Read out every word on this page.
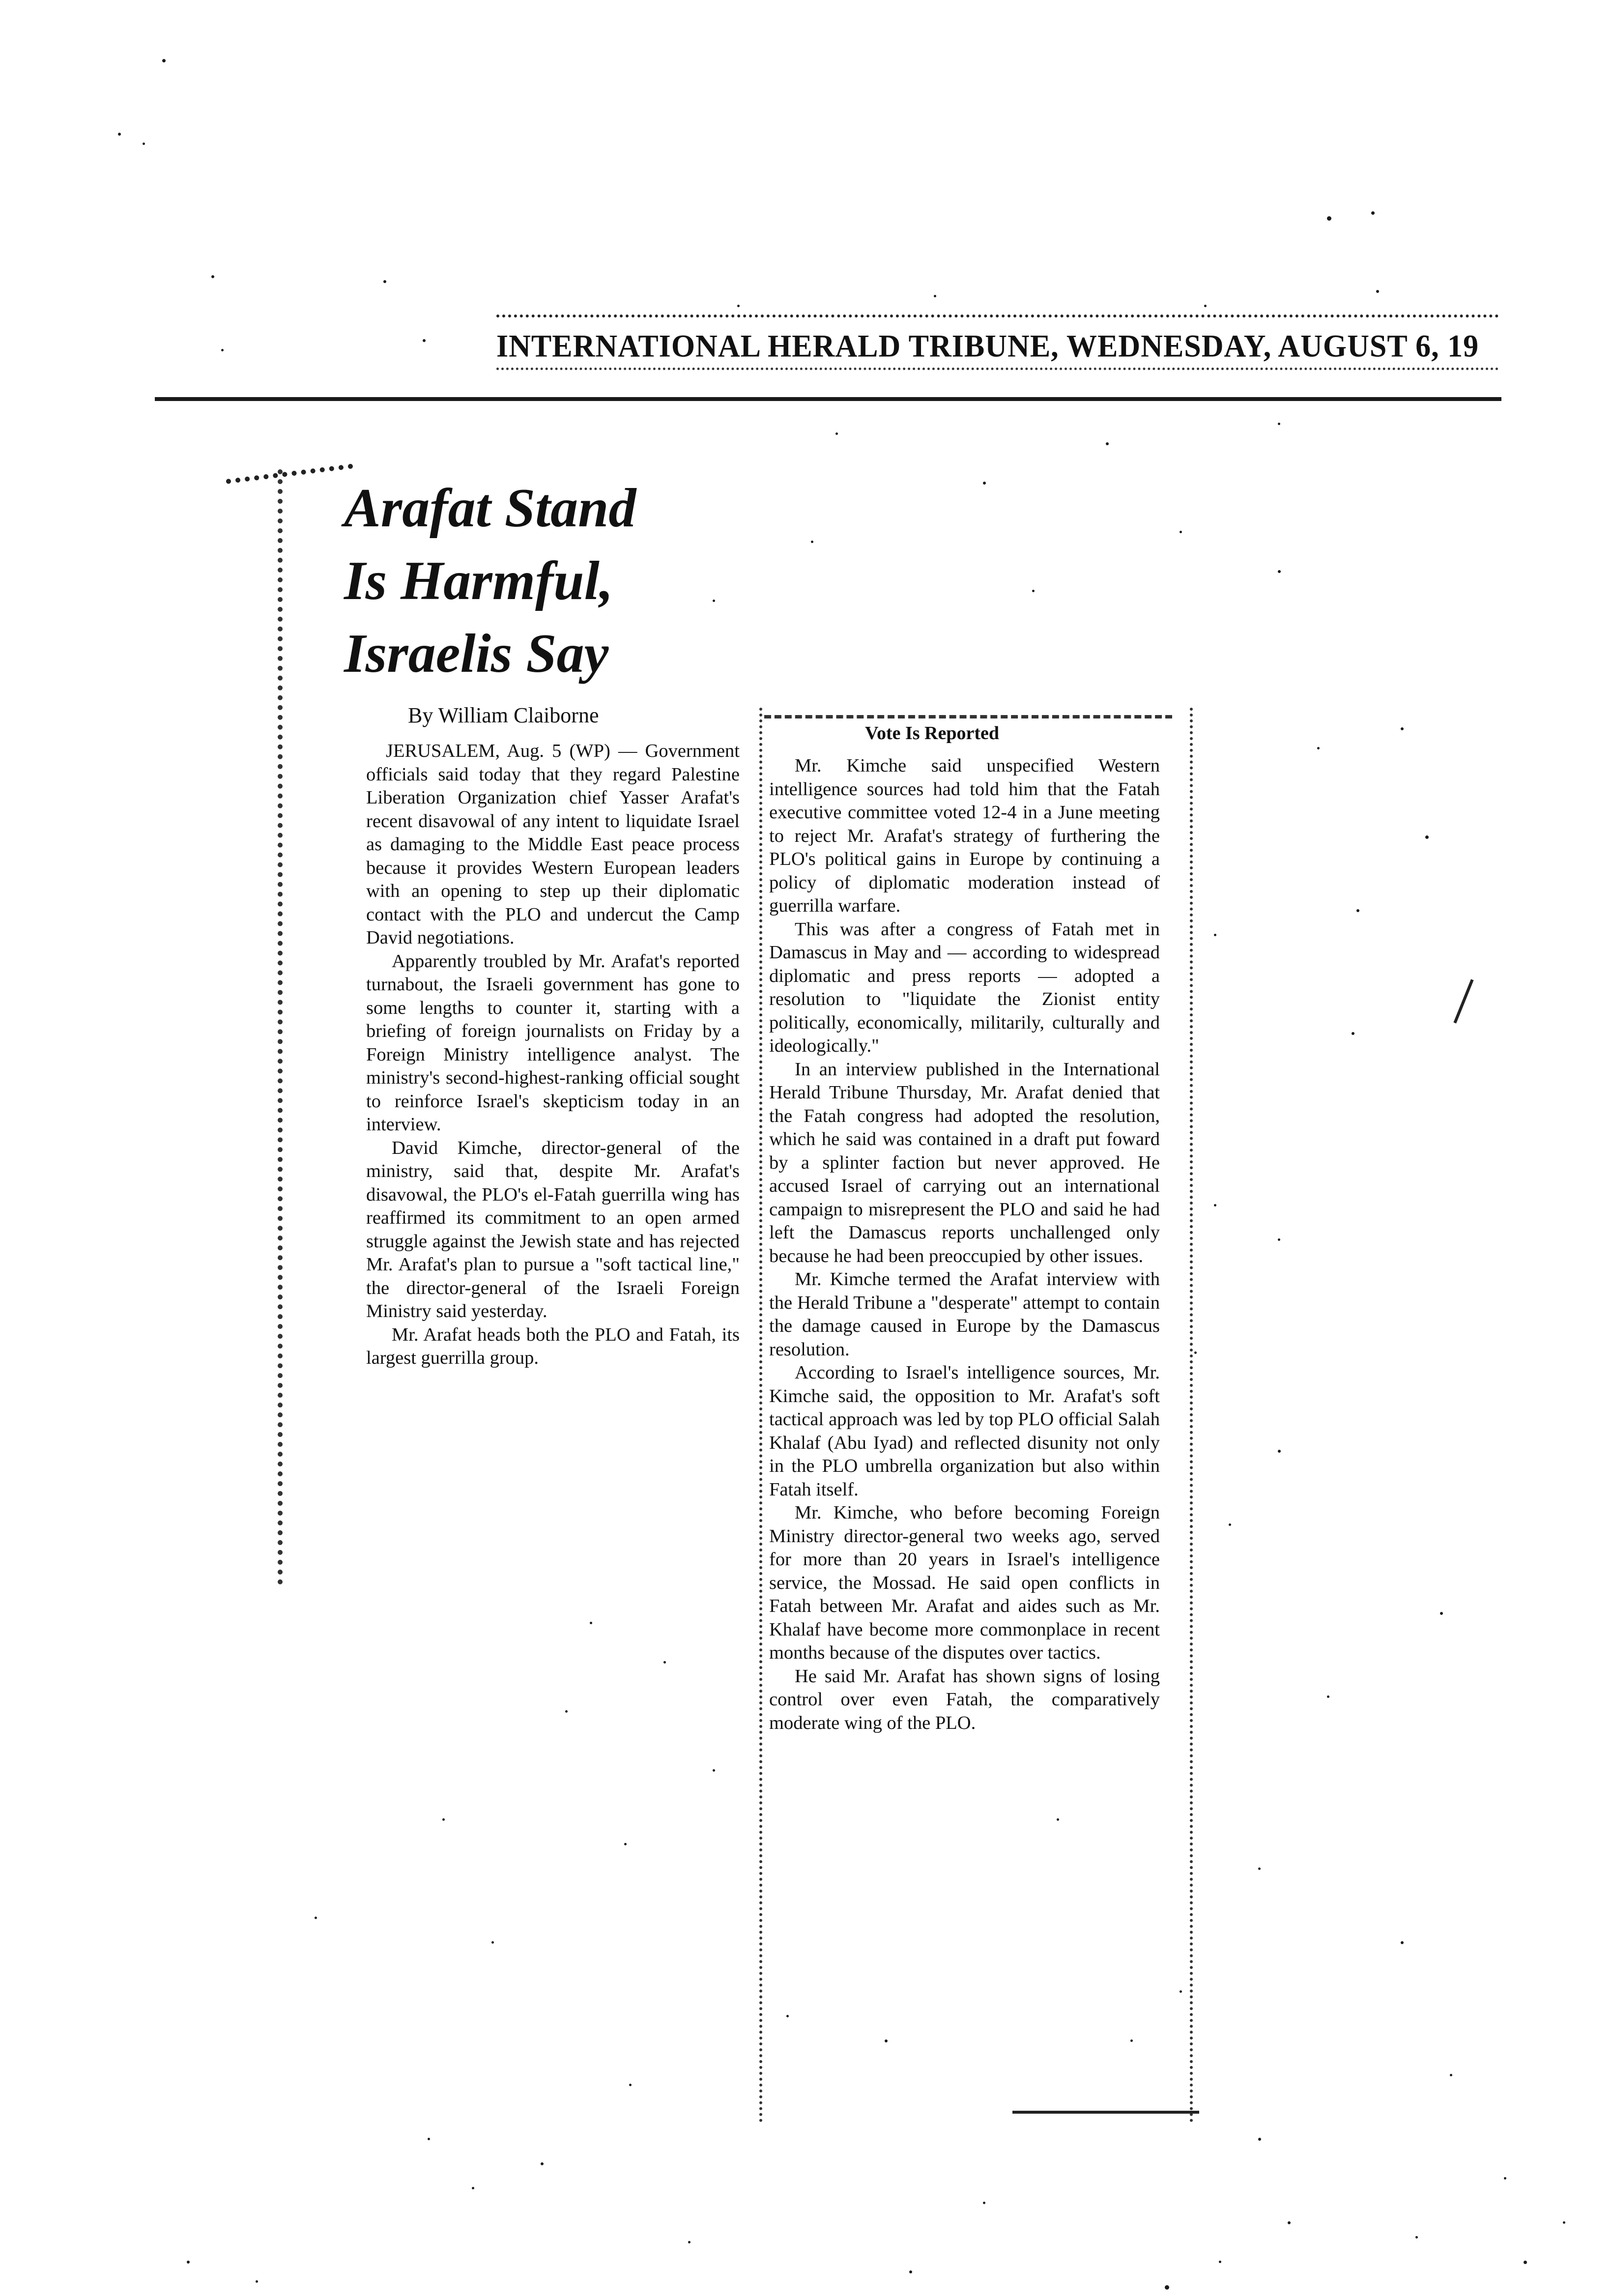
INTERNATIONAL HERALD TRIBUNE, WEDNESDAY, AUGUST 6, 19
Arafat Stand
Is Harmful,
Israelis Say
By William Claiborne

JERUSALEM, Aug. 5 (WP) — Government officials said today that they regard Palestine Liberation Organization chief Yasser Arafat's recent disavowal of any intent to liquidate Israel as damaging to the Middle East peace process because it provides Western European leaders with an opening to step up their diplomatic contact with the PLO and undercut the Camp David negotiations.

Apparently troubled by Mr. Arafat's reported turnabout, the Israeli government has gone to some lengths to counter it, starting with a briefing of foreign journalists on Friday by a Foreign Ministry intelligence analyst. The ministry's second-highest-ranking official sought to reinforce Israel's skepticism today in an interview.

David Kimche, director-general of the ministry, said that, despite Mr. Arafat's disavowal, the PLO's el-Fatah guerrilla wing has reaffirmed its commitment to an open armed struggle against the Jewish state and has rejected Mr. Arafat's plan to pursue a "soft tactical line," the director-general of the Israeli Foreign Ministry said yesterday.

Mr. Arafat heads both the PLO and Fatah, its largest guerrilla group.

Vote Is Reported

Mr. Kimche said unspecified Western intelligence sources had told him that the Fatah executive committee voted 12-4 in a June meeting to reject Mr. Arafat's strategy of furthering the PLO's political gains in Europe by continuing a policy of diplomatic moderation instead of guerrilla warfare.

This was after a congress of Fatah met in Damascus in May and — according to widespread diplomatic and press reports — adopted a resolution to "liquidate the Zionist entity politically, economically, militarily, culturally and ideologically."

In an interview published in the International Herald Tribune Thursday, Mr. Arafat denied that the Fatah congress had adopted the resolution, which he said was contained in a draft put foward by a splinter faction but never approved. He accused Israel of carrying out an international campaign to misrepresent the PLO and said he had left the Damascus reports unchallenged only because he had been preoccupied by other issues.

Mr. Kimche termed the Arafat interview with the Herald Tribune a "desperate" attempt to contain the damage caused in Europe by the Damascus resolution.

According to Israel's intelligence sources, Mr. Kimche said, the opposition to Mr. Arafat's soft tactical approach was led by top PLO official Salah Khalaf (Abu Iyad) and reflected disunity not only in the PLO umbrella organization but also within Fatah itself.

Mr. Kimche, who before becoming Foreign Ministry director-general two weeks ago, served for more than 20 years in Israel's intelligence service, the Mossad. He said open conflicts in Fatah between Mr. Arafat and aides such as Mr. Khalaf have become more commonplace in recent months because of the disputes over tactics.

He said Mr. Arafat has shown signs of losing control over even Fatah, the comparatively moderate wing of the PLO.
